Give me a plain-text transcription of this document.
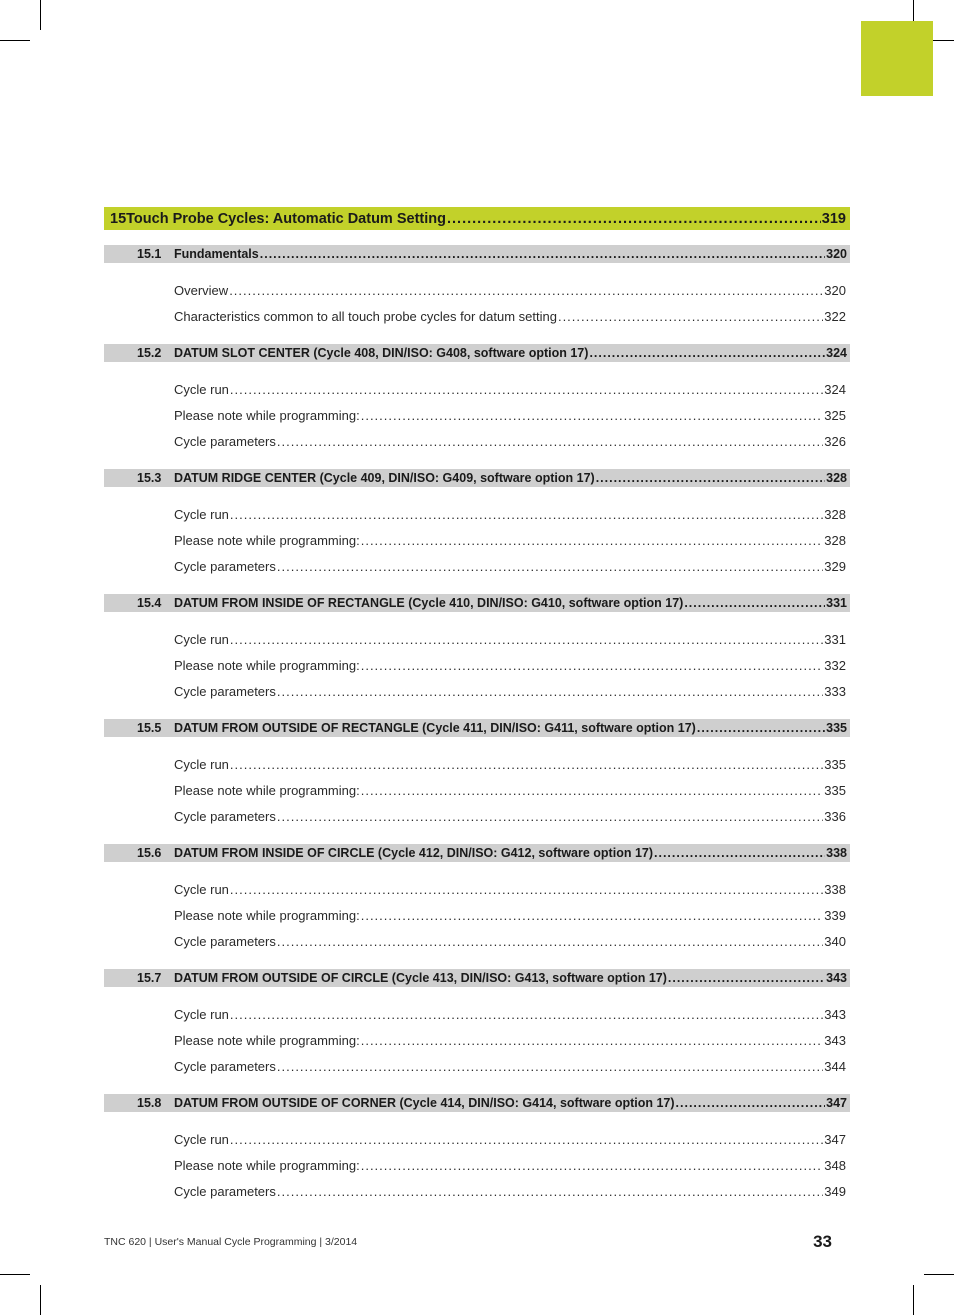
15 Touch Probe Cycles: Automatic Datum Setting .....	319
15.1	Fundamentals .....	320
Overview .....	320
Characteristics common to all touch probe cycles for datum setting .....	322
15.2	DATUM SLOT CENTER (Cycle 408, DIN/ISO: G408, software option 17) .....	324
Cycle run .....	324
Please note while programming: .....	325
Cycle parameters .....	326
15.3	DATUM RIDGE CENTER (Cycle 409, DIN/ISO: G409, software option 17) .....	328
Cycle run .....	328
Please note while programming: .....	328
Cycle parameters .....	329
15.4	DATUM FROM INSIDE OF RECTANGLE (Cycle 410, DIN/ISO: G410, software option 17) .....	331
Cycle run .....	331
Please note while programming: .....	332
Cycle parameters .....	333
15.5	DATUM FROM OUTSIDE OF RECTANGLE (Cycle 411, DIN/ISO: G411, software option 17) .....	335
Cycle run .....	335
Please note while programming: .....	335
Cycle parameters .....	336
15.6	DATUM FROM INSIDE OF CIRCLE (Cycle 412, DIN/ISO: G412, software option 17) .....	338
Cycle run .....	338
Please note while programming: .....	339
Cycle parameters .....	340
15.7	DATUM FROM OUTSIDE OF CIRCLE (Cycle 413, DIN/ISO: G413, software option 17) .....	343
Cycle run .....	343
Please note while programming: .....	343
Cycle parameters .....	344
15.8	DATUM FROM OUTSIDE OF CORNER (Cycle 414, DIN/ISO: G414, software option 17) .....	347
Cycle run .....	347
Please note while programming: .....	348
Cycle parameters .....	349
TNC 620 | User's Manual Cycle Programming | 3/2014	33
